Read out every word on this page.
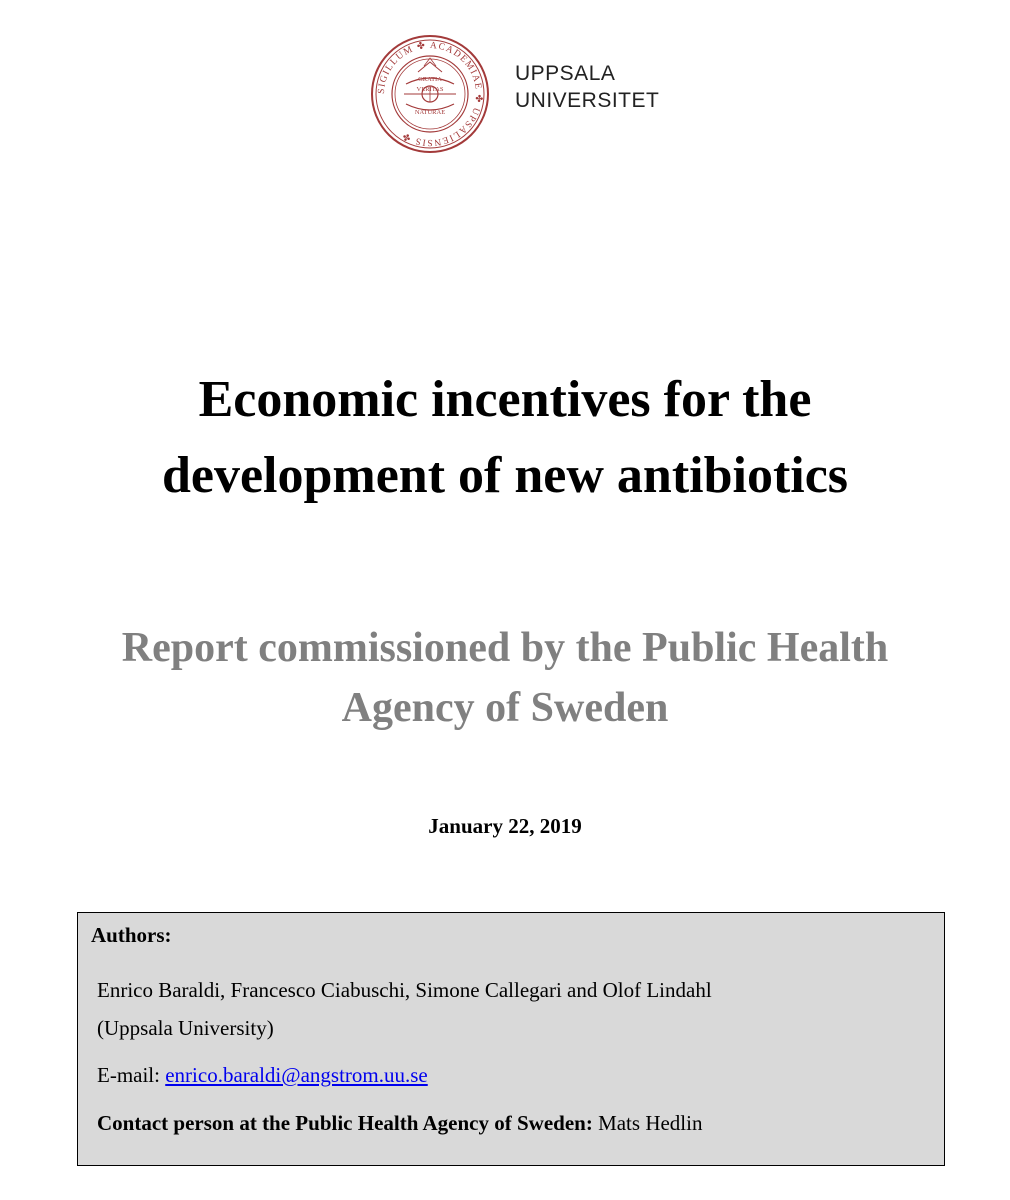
SIGILLUM ✤ ACADEMIAE ✤ UPSALIENSIS ✤
GRATIA
VERITAS
NATURAE
UPPSALA
UNIVERSITET
Economic incentives for the
development of new antibiotics
Report commissioned by the Public Health
Agency of Sweden
January 22, 2019
Authors:
Enrico Baraldi, Francesco Ciabuschi, Simone Callegari and Olof Lindahl
(Uppsala University)
E-mail: enrico.baraldi@angstrom.uu.se
Contact person at the Public Health Agency of Sweden: Mats Hedlin
